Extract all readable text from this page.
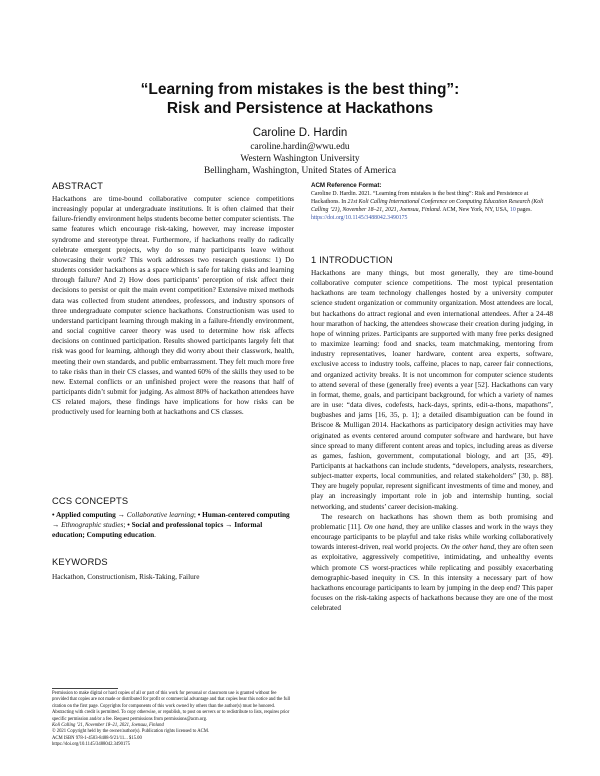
“Learning from mistakes is the best thing”:
Risk and Persistence at Hackathons
Caroline D. Hardin
caroline.hardin@wwu.edu
Western Washington University
Bellingham, Washington, United States of America
ABSTRACT

Hackathons are time-bound collaborative computer science competitions increasingly popular at undergraduate institutions. It is often claimed that their failure-friendly environment helps students become better computer scientists. The same features which encourage risk-taking, however, may increase imposter syndrome and stereotype threat. Furthermore, if hackathons really do radically celebrate emergent projects, why do so many participants leave without showcasing their work? This work addresses two research questions: 1) Do students consider hackathons as a space which is safe for taking risks and learning through failure? And 2) How does participants’ perception of risk affect their decisions to persist or quit the main event competition? Extensive mixed methods data was collected from student attendees, professors, and industry sponsors of three undergraduate computer science hackathons. Constructionism was used to understand participant learning through making in a failure-friendly environment, and social cognitive career theory was used to determine how risk affects decisions on continued participation. Results showed participants largely felt that risk was good for learning, although they did worry about their classwork, health, meeting their own standards, and public embarrassment. They felt much more free to take risks than in their CS classes, and wanted 60% of the skills they used to be new. External conflicts or an unfinished project were the reasons that half of participants didn’t submit for judging. As almost 80% of hackathon attendees have CS related majors, these findings have implications for how risks can be productively used for learning both at hackathons and CS classes.

CCS CONCEPTS
• Applied computing → Collaborative learning; • Human-centered computing → Ethnographic studies; • Social and professional topics → Informal education; Computing education.
KEYWORDS

Hackathon, Constructionism, Risk-Taking, Failure

Permission to make digital or hard copies of all or part of this work for personal or classroom use is granted without fee provided that copies are not made or distributed for profit or commercial advantage and that copies bear this notice and the full citation on the first page. Copyrights for components of this work owned by others than the author(s) must be honored. Abstracting with credit is permitted. To copy otherwise, or republish, to post on servers or to redistribute to lists, requires prior specific permission and/or a fee. Request permissions from permissions@acm.org.

Koli Calling ’21, November 18–21, 2021, Joensuu, Finland

© 2021 Copyright held by the owner/author(s). Publication rights licensed to ACM.

ACM ISBN 978-1-4503-8488-9/21/11... $15.00

https://doi.org/10.1145/3488042.3490175

ACM Reference Format:
Caroline D. Hardin. 2021. “Learning from mistakes is the best thing”: Risk and Persistence at Hackathons. In 21st Koli Calling International Conference on Computing Education Research (Koli Calling ’21), November 18–21, 2021, Joensuu, Finland. ACM, New York, NY, USA, 10 pages. https://doi.org/10.1145/3488042.3490175
1 INTRODUCTION

Hackathons are many things, but most generally, they are time-bound collaborative computer science competitions. The most typical presentation hackathons are team technology challenges hosted by a university computer science student organization or community organization. Most attendees are local, but hackathons do attract regional and even international attendees. After a 24-48 hour marathon of hacking, the attendees showcase their creation during judging, in hope of winning prizes. Participants are supported with many free perks designed to maximize learning: food and snacks, team matchmaking, mentoring from industry representatives, loaner hardware, content area experts, software, exclusive access to industry tools, caffeine, places to nap, career fair connections, and organized activity breaks. It is not uncommon for computer science students to attend several of these (generally free) events a year [52]. Hackathons can vary in format, theme, goals, and participant background, for which a variety of names are in use: “data dives, codefests, hack-days, sprints, edit-a-thons, mapathons”, bugbashes and jams [16, 35, p. 1]; a detailed disambiguation can be found in Briscoe & Mulligan 2014. Hackathons as participatory design activities may have originated as events centered around computer software and hardware, but have since spread to many different content areas and topics, including areas as diverse as games, fashion, government, computational biology, and art [35, 49]. Participants at hackathons can include students, “developers, analysts, researchers, subject-matter experts, local communities, and related stakeholders” [30, p. 88]. They are hugely popular, represent significant investments of time and money, and play an increasingly important role in job and internship hunting, social networking, and students’ career decision-making.

The research on hackathons has shown them as both promising and problematic [11]. On one hand, they are unlike classes and work in the ways they encourage participants to be playful and take risks while working collaboratively towards interest-driven, real world projects. On the other hand, they are often seen as exploitative, aggressively competitive, intimidating, and unhealthy events which promote CS worst-practices while replicating and possibly exacerbating demographic-based inequity in CS. In this intensity a necessary part of how hackathons encourage participants to learn by jumping in the deep end? This paper focuses on the risk-taking aspects of hackathons because they are one of the most celebrated
